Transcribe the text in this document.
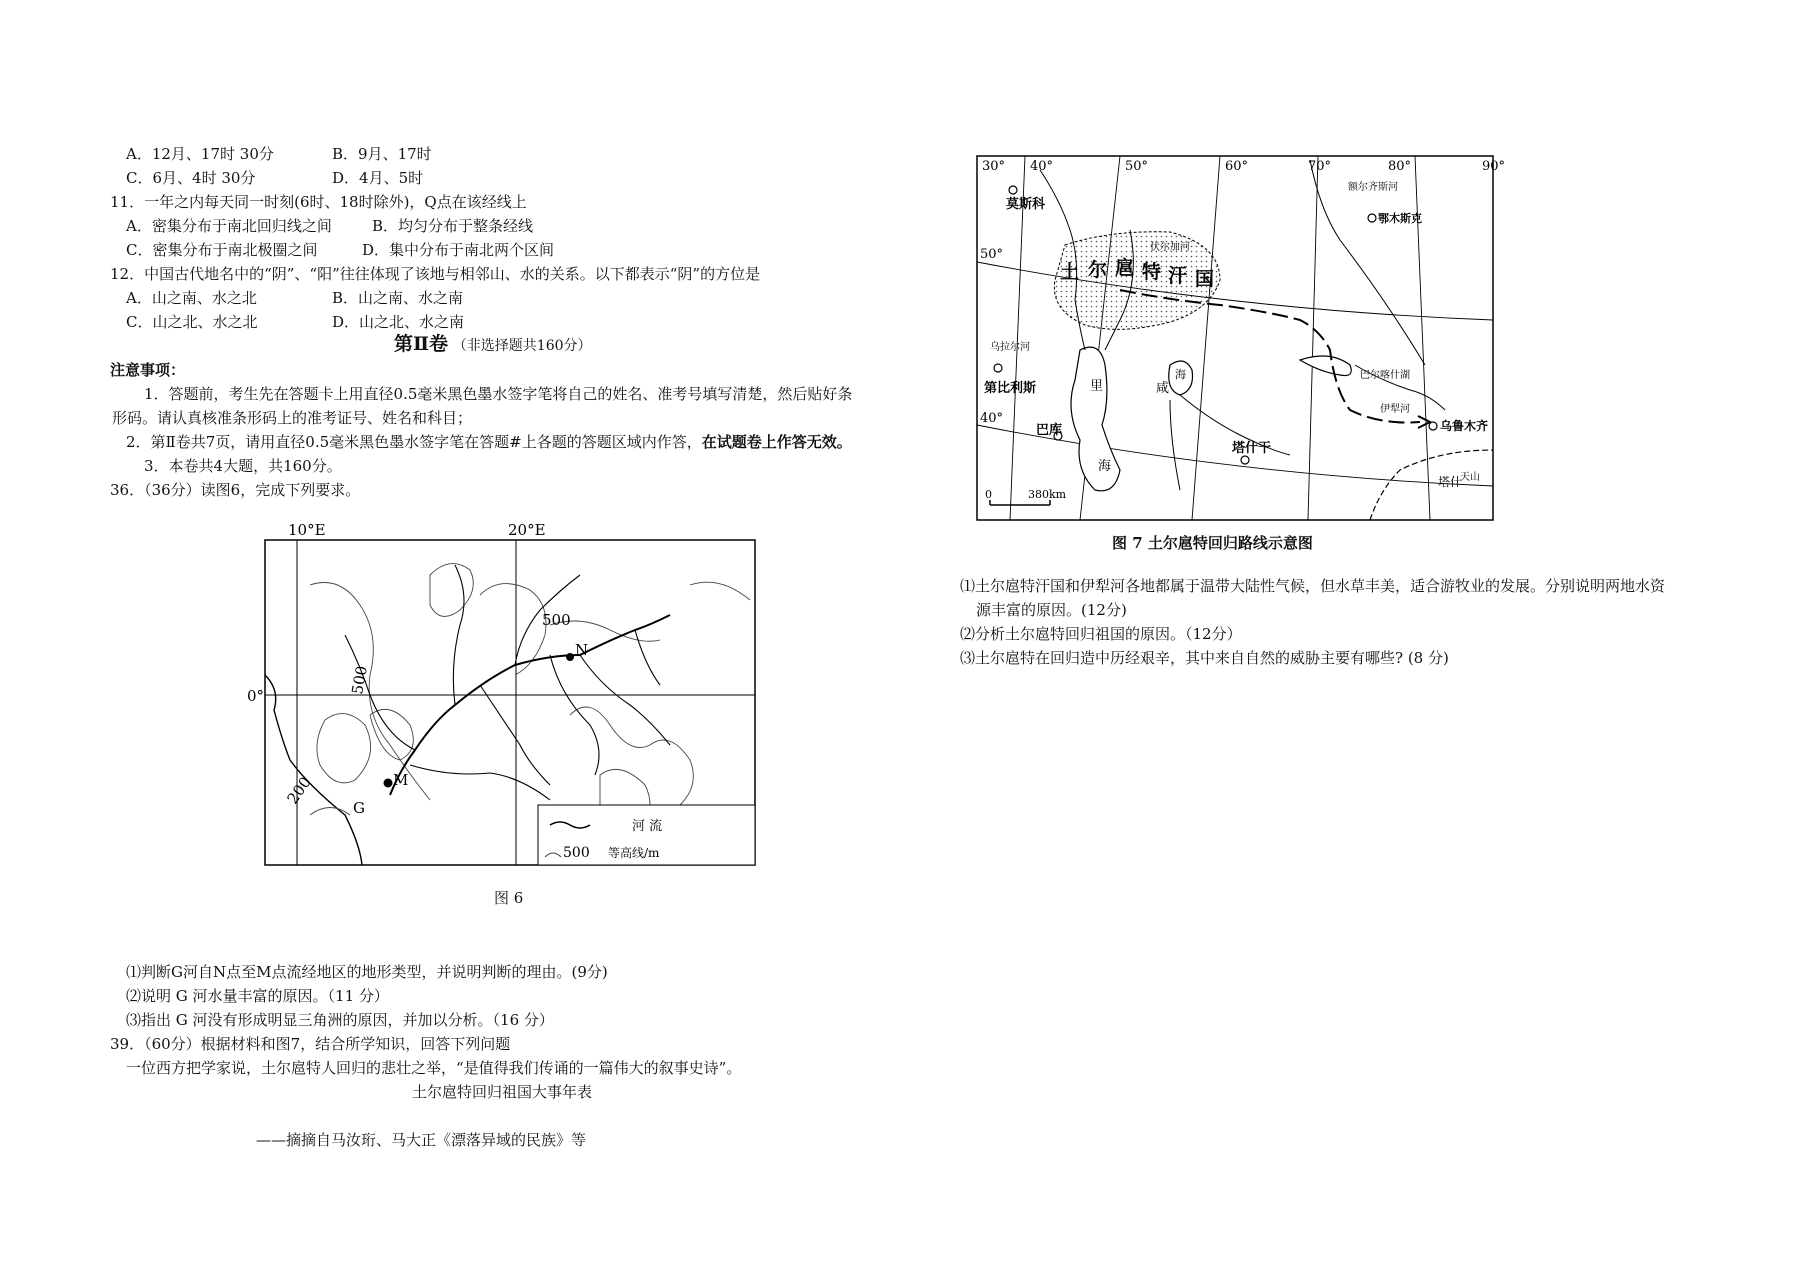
A．12月、17时 30分	B．9月、17时
C．6月、4时 30分	D．4月、5时
11．一年之内每天同一时刻(6时、18时除外)，Q点在该经线上
A．密集分布于南北回归线之间	B．均匀分布于整条经线
C．密集分布于南北极圈之间	D．集中分布于南北两个区间
12．中国古代地名中的“阴”、“阳”往往体现了该地与相邻山、水的关系。以下都表示“阴”的方位是
A．山之南、水之北	B．山之南、水之南
C．山之北、水之北	D．山之北、水之南
第Ⅱ卷 （非选择题共160分）
注意事项：
1．答题前，考生先在答题卡上用直径0.5毫米黑色墨水签字笔将自己的姓名、准考号填写清楚，然后贴好条
形码。请认真核准条形码上的准考证号、姓名和科目；
2．第Ⅱ卷共7页，请用直径0.5毫米黑色墨水签字笔在答题#上各题的答题区域内作答，在试题卷上作答无效。
3．本卷共4大题，共160分。
36．（36分）读图6，完成下列要求。
10°E	20°E
0°
500
500
200
N
M
G
河 流
500 等高线/m
图 6
⑴判断G河自N点至M点流经地区的地形类型，并说明判断的理由。(9分)
⑵说明 G 河水量丰富的原因。（11 分）
⑶指出 G 河没有形成明显三角洲的原因，并加以分析。（16 分）
39．（60分）根据材料和图7，结合所学知识，回答下列问题
一位西方把学家说，土尔扈特人回归的悲壮之举，“是值得我们传诵的一篇伟大的叙事史诗”。
土尔扈特回归祖国大事年表
——摘摘自马汝珩、马大正《漂落异域的民族》等
30° 40°	50°	60°	70°	80°	90°
50°
40°
土 尔 扈 特 汗 国
里
海
咸
海
莫斯科
鄂木斯克
第比利斯
巴库
塔什干
乌鲁木齐
巴尔喀什湖
伏尔加河
额尔齐斯河
乌拉尔河
伊犁河
塔什
天山
0	380km
图 7 土尔扈特回归路线示意图
⑴土尔扈特汗国和伊犁河各地都属于温带大陆性气候，但水草丰美，适合游牧业的发展。分别说明两地水资
源丰富的原因。(12分)
⑵分析土尔扈特回归祖国的原因。（12分）
⑶土尔扈特在回归造中历经艰辛，其中来自自然的威胁主要有哪些? (8 分)
